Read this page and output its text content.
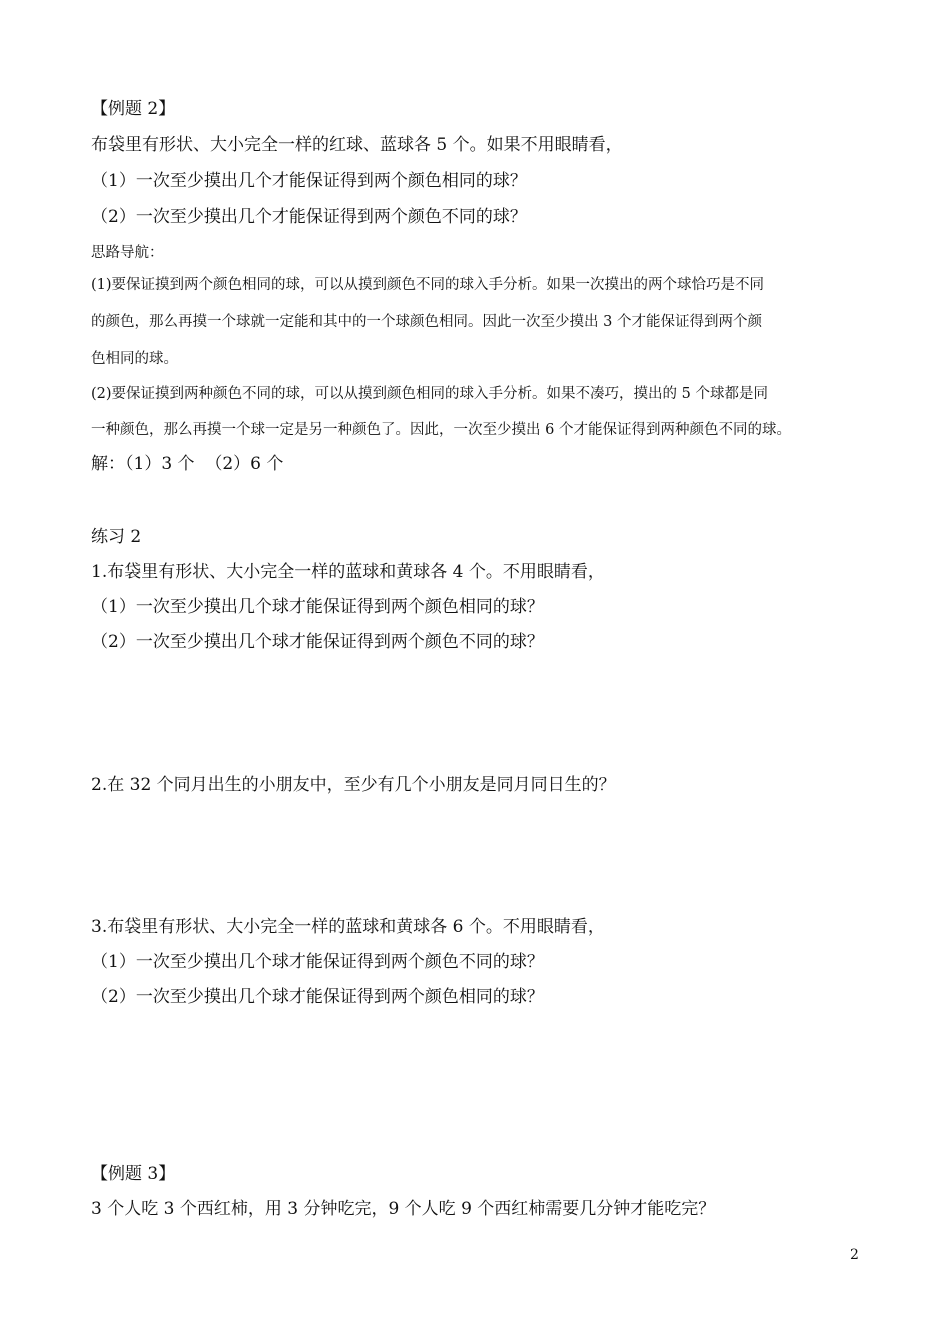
【例题 2】
布袋里有形状、大小完全一样的红球、蓝球各 5 个。如果不用眼睛看，
（1）一次至少摸出几个才能保证得到两个颜色相同的球？
（2）一次至少摸出几个才能保证得到两个颜色不同的球？
思路导航：
(1)要保证摸到两个颜色相同的球，可以从摸到颜色不同的球入手分析。如果一次摸出的两个球恰巧是不同
的颜色，那么再摸一个球就一定能和其中的一个球颜色相同。因此一次至少摸出 3 个才能保证得到两个颜
色相同的球。
(2)要保证摸到两种颜色不同的球，可以从摸到颜色相同的球入手分析。如果不凑巧，摸出的 5 个球都是同
一种颜色，那么再摸一个球一定是另一种颜色了。因此，一次至少摸出 6 个才能保证得到两种颜色不同的球。
解：（1）3 个  （2）6 个
练习 2
1.布袋里有形状、大小完全一样的蓝球和黄球各 4 个。不用眼睛看，
（1）一次至少摸出几个球才能保证得到两个颜色相同的球？
（2）一次至少摸出几个球才能保证得到两个颜色不同的球？
2.在 32 个同月出生的小朋友中，至少有几个小朋友是同月同日生的？
3.布袋里有形状、大小完全一样的蓝球和黄球各 6 个。不用眼睛看，
（1）一次至少摸出几个球才能保证得到两个颜色不同的球？
（2）一次至少摸出几个球才能保证得到两个颜色相同的球？
【例题 3】
3 个人吃 3 个西红柿，用 3 分钟吃完，9 个人吃 9 个西红柿需要几分钟才能吃完？
2
